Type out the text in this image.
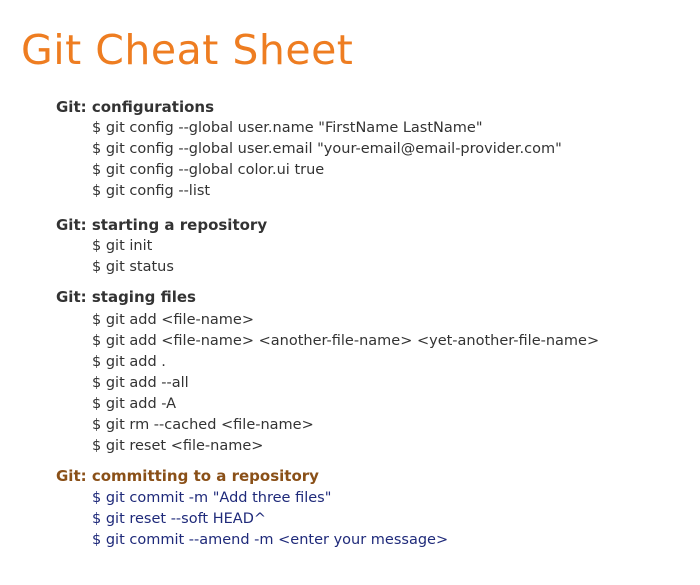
Git Cheat Sheet
Git: configurations
$ git config --global user.name "FirstName LastName"
$ git config --global user.email "your-email@email-provider.com"
$ git config --global color.ui true
$ git config --list
Git: starting a repository
$ git init
$ git status
Git: staging files
$ git add <file-name>
$ git add <file-name> <another-file-name> <yet-another-file-name>
$ git add .
$ git add --all
$ git add -A
$ git rm --cached <file-name>
$ git reset <file-name>
Git: committing to a repository
$ git commit -m "Add three files"
$ git reset --soft HEAD^
$ git commit --amend -m <enter your message>
